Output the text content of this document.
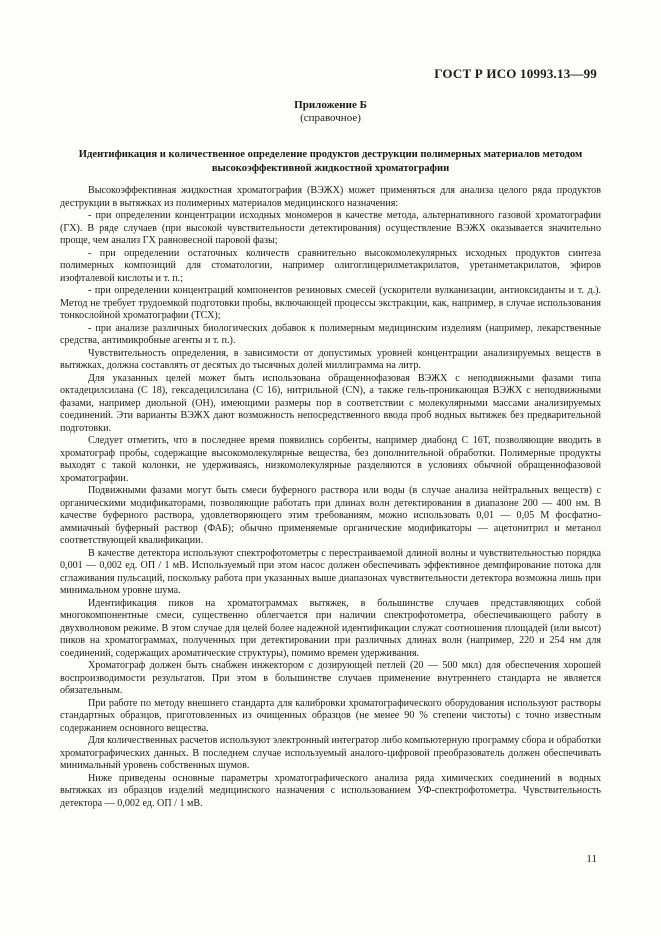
ГОСТ Р ИСО 10993.13—99
Приложение Б
(справочное)
Идентификация и количественное определение продуктов деструкции полимерных материалов методом высокоэффективной жидкостной хроматографии

Высокоэффективная жидкостная хроматография (ВЭЖХ) может применяться для анализа целого ряда продуктов деструкции в вытяжках из полимерных материалов медицинского назначения:

- при определении концентрации исходных мономеров в качестве метода, альтернативного газовой хроматографии (ГХ). В ряде случаев (при высокой чувствительности детектирования) осуществление ВЭЖХ оказывается значительно проще, чем анализ ГХ равновесной паровой фазы;

- при определении остаточных количеств сравнительно высокомолекулярных исходных продуктов синтеза полимерных композиций для стоматологии, например олигоглицерилметакрилатов, уретанметакрилатов, эфиров изофталевой кислоты и т. п.;

- при определении концентраций компонентов резиновых смесей (ускорители вулканизации, антиоксиданты и т. д.). Метод не требует трудоемкой подготовки пробы, включающей процессы экстракции, как, например, в случае использования тонкослойной хроматографии (ТСХ);

- при анализе различных биологических добавок к полимерным медицинским изделиям (например, лекарственные средства, антимикробные агенты и т. п.).

Чувствительность определения, в зависимости от допустимых уровней концентрации анализируемых веществ в вытяжках, должна составлять от десятых до тысячных долей миллиграмма на литр.

Для указанных целей может быть использована обращеннофазовая ВЭЖХ с неподвижными фазами типа октадецилсилана (С 18), гексадецилсилана (С 16), нитрильной (CN), а также гель-проникающая ВЭЖХ с неподвижными фазами, например диольной (ОН), имеющими размеры пор в соответствии с молекулярными массами анализируемых соединений. Эти варианты ВЭЖХ дают возможность непосредственного ввода проб водных вытяжек без предварительной подготовки.

Следует отметить, что в последнее время появились сорбенты, например диабонд С 16Т, позволяющие вводить в хроматограф пробы, содержащие высокомолекулярные вещества, без дополнительной обработки. Полимерные продукты выходят с такой колонки, не удерживаясь, низкомолекулярные разделяются в условиях обычной обращеннофазовой хроматографии.

Подвижными фазами могут быть смеси буферного раствора или воды (в случае анализа нейтральных веществ) с органическими модификаторами, позволяющие работать при длинах волн детектирования в диапазоне 200 — 400 нм. В качестве буферного раствора, удовлетворяющего этим требованиям, можно использовать 0,01 — 0,05 М фосфатно-аммиачный буферный раствор (ФАБ); обычно применяемые органические модификаторы — ацетонитрил и метанол соответствующей квалификации.

В качестве детектора используют спектрофотометры с перестраиваемой длиной волны и чувствительностью порядка 0,001 — 0,002 ед. ОП / 1 мВ. Используемый при этом насос должен обеспечивать эффективное демпфирование потока для сглаживания пульсаций, поскольку работа при указанных выше диапазонах чувствительности детектора возможна лишь при минимальном уровне шума.

Идентификация пиков на хроматограммах вытяжек, в большинстве случаев представляющих собой многокомпонентные смеси, существенно облегчается при наличии спектрофотометра, обеспечивающего работу в двухволновом режиме. В этом случае для целей более надежной идентификации служат соотношения площадей (или высот) пиков на хроматограммах, полученных при детектировании при различных длинах волн (например, 220 и 254 нм для соединений, содержащих ароматические структуры), помимо времен удерживания.

Хроматограф должен быть снабжен инжектором с дозирующей петлей (20 — 500 мкл) для обеспечения хорошей воспроизводимости результатов. При этом в большинстве случаев применение внутреннего стандарта не является обязательным.

При работе по методу внешнего стандарта для калибровки хроматографического оборудования используют растворы стандартных образцов, приготовленных из очищенных образцов (не менее 90 % степени чистоты) с точно известным содержанием основного вещества.

Для количественных расчетов используют электронный интегратор либо компьютерную программу сбора и обработки хроматографических данных. В последнем случае используемый аналого-цифровой преобразователь должен обеспечивать минимальный уровень собственных шумов.

Ниже приведены основные параметры хроматографического анализа ряда химических соединений в водных вытяжках из образцов изделий медицинского назначения с использованием УФ-спектрофотометра. Чувствительность детектора — 0,002 ед. ОП / 1 мВ.

11
